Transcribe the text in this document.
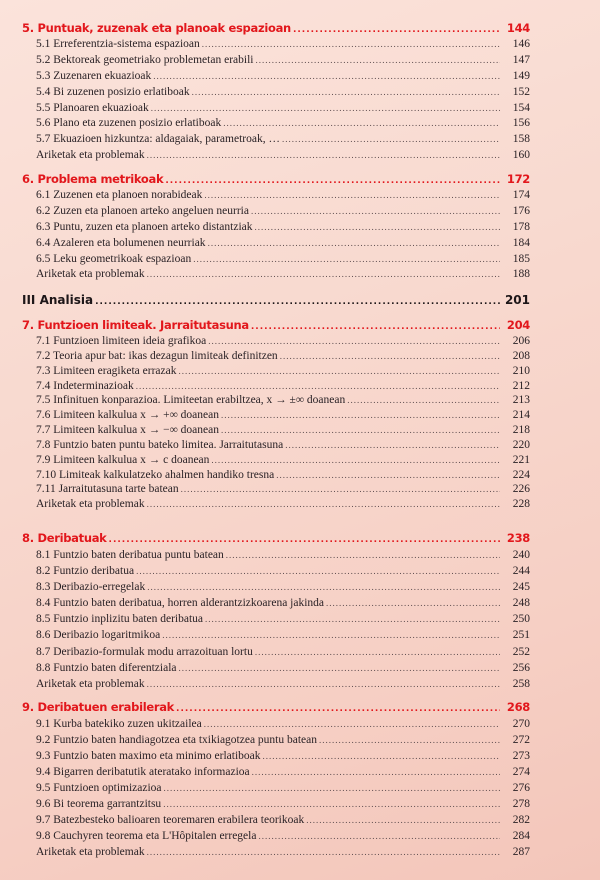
5. Puntuak, zuzenak eta planoak espazioan .....	144
5.1 Erreferentzia-sistema espazioan .....	146
5.2 Bektoreak geometriako problemetan erabili .....	147
5.3 Zuzenaren ekuazioak .....	149
5.4 Bi zuzenen posizio erlatiboak .....	152
5.5 Planoaren ekuazioak .....	154
5.6 Plano eta zuzenen posizio erlatiboak .....	156
5.7 Ekuazioen hizkuntza: aldagaiak, parametroak, … .....	158
Ariketak eta problemak .....	160
6. Problema metrikoak .....	172
6.1 Zuzenen eta planoen norabideak .....	174
6.2 Zuzen eta planoen arteko angeluen neurria .....	176
6.3 Puntu, zuzen eta planoen arteko distantziak .....	178
6.4 Azaleren eta bolumenen neurriak .....	184
6.5 Leku geometrikoak espazioan .....	185
Ariketak eta problemak .....	188
III Analisia .....	201
7. Funtzioen limiteak. Jarraitutasuna .....	204
7.1 Funtzioen limiteen ideia grafikoa .....	206
7.2 Teoria apur bat: ikas dezagun limiteak definitzen .....	208
7.3 Limiteen eragiketa errazak .....	210
7.4 Indeterminazioak .....	212
7.5 Infinituen konparazioa. Limiteetan erabiltzea, x → ±∞ doanean .....	213
7.6 Limiteen kalkulua x → +∞ doanean .....	214
7.7 Limiteen kalkulua x → −∞ doanean .....	218
7.8 Funtzio baten puntu bateko limitea. Jarraitutasuna .....	220
7.9 Limiteen kalkulua x → c doanean .....	221
7.10 Limiteak kalkulatzeko ahalmen handiko tresna .....	224
7.11 Jarraitutasuna tarte batean .....	226
Ariketak eta problemak .....	228
8. Deribatuak .....	238
8.1 Funtzio baten deribatua puntu batean .....	240
8.2 Funtzio deribatua .....	244
8.3 Deribazio-erregelak .....	245
8.4 Funtzio baten deribatua, horren alderantzizkoarena jakinda .....	248
8.5 Funtzio inplizitu baten deribatua .....	250
8.6 Deribazio logaritmikoa .....	251
8.7 Deribazio-formulak modu arrazoituan lortu .....	252
8.8 Funtzio baten diferentziala .....	256
Ariketak eta problemak .....	258
9. Deribatuen erabilerak .....	268
9.1 Kurba batekiko zuzen ukitzailea .....	270
9.2 Funtzio baten handiagotzea eta txikiagotzea puntu batean .....	272
9.3 Funtzio baten maximo eta minimo erlatiboak .....	273
9.4 Bigarren deribatutik ateratako informazioa .....	274
9.5 Funtzioen optimizazioa .....	276
9.6 Bi teorema garrantzitsu .....	278
9.7 Batezbesteko balioaren teoremaren erabilera teorikoak .....	282
9.8 Cauchyren teorema eta L'Hôpitalen erregela .....	284
Ariketak eta problemak .....	287
